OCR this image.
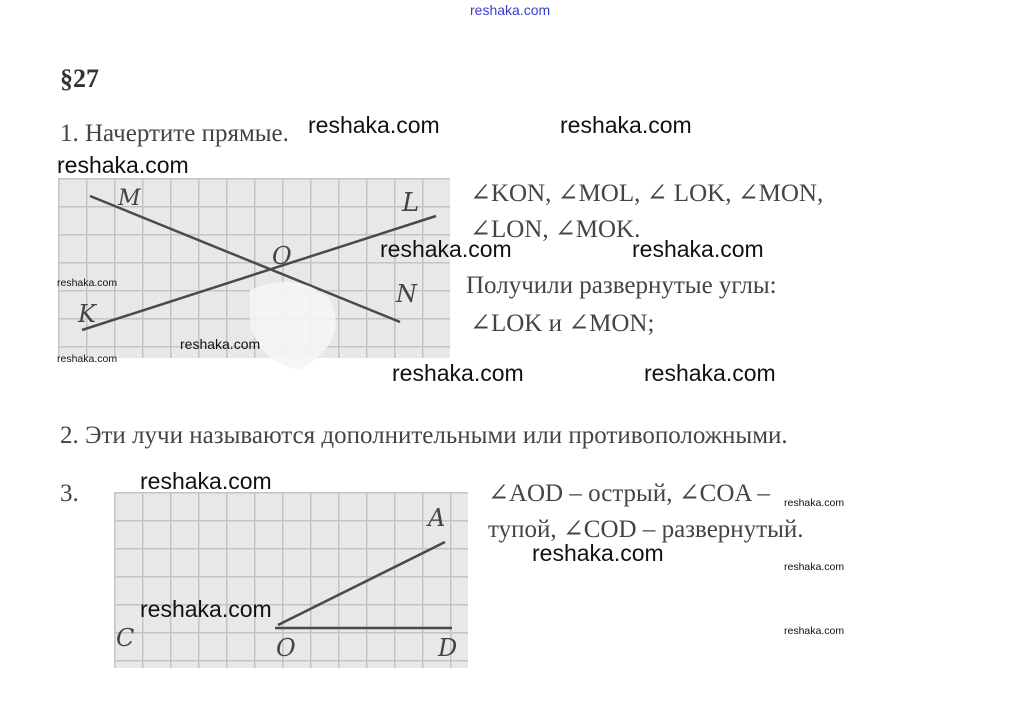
reshaka.com
§27
1. Начертите прямые.
M	L
O
K
N
∠KON, ∠MOL, ∠ LOK, ∠MON,
∠LON, ∠MOK.
Получили развернутые углы:
∠LOK и ∠MON;
2. Эти лучи называются дополнительными или противоположными.
3.
A
C	O	D
∠AOD – острый, ∠COA –
тупой, ∠COD – развернутый.
reshaka.com	reshaka.com
reshaka.com
reshaka.com	reshaka.com
reshaka.com	reshaka.com
reshaka.com
reshaka.com
reshaka.com
reshaka.com
reshaka.com
reshaka.com
reshaka.com
reshaka.com
reshaka.com
